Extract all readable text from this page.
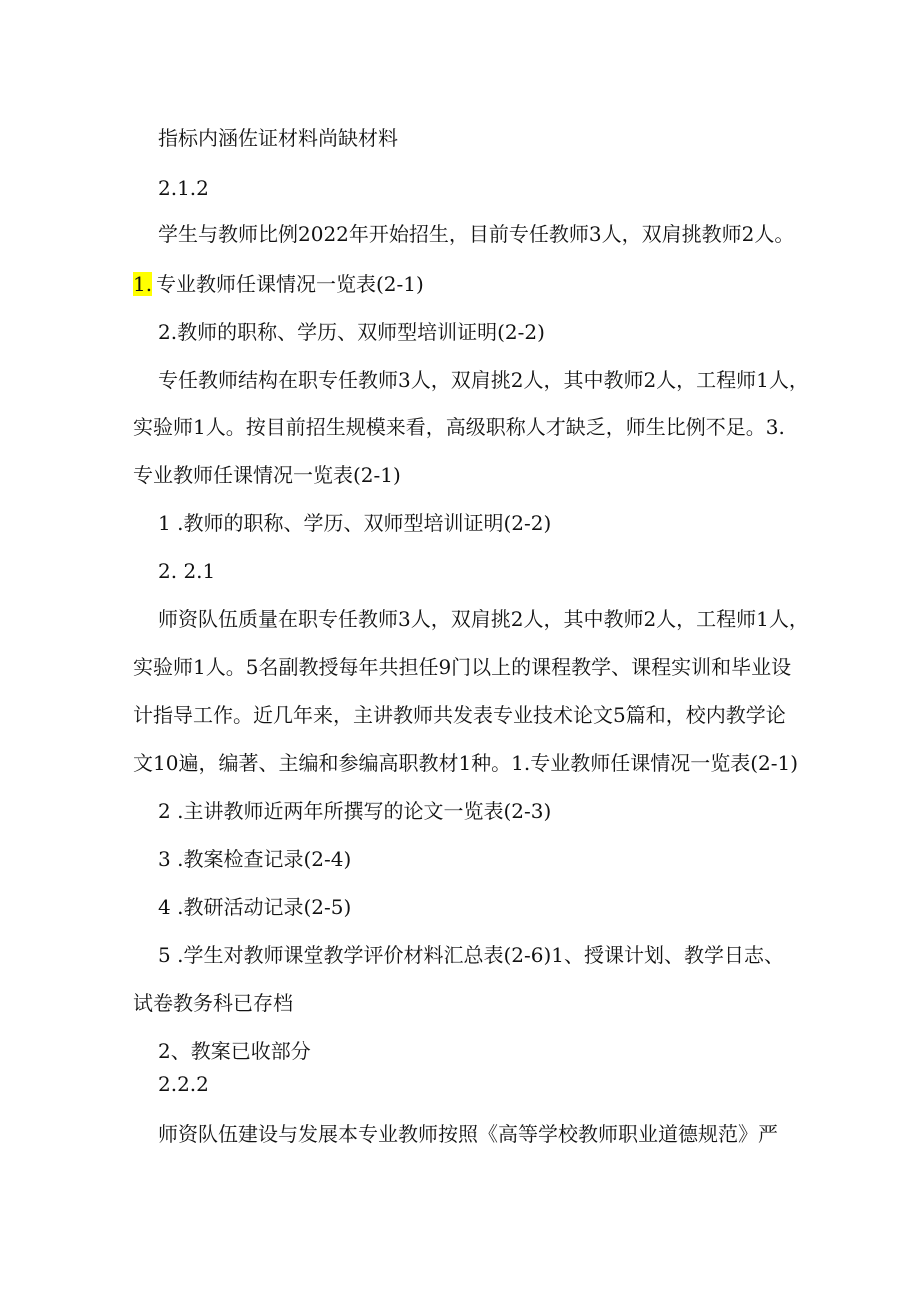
指标内涵佐证材料尚缺材料
2.1.2
学生与教师比例2022年开始招生，目前专任教师3人，双肩挑教师2人。
1. 专业教师任课情况一览表(2-1)
2.教师的职称、学历、双师型培训证明(2-2)
专任教师结构在职专任教师3人，双肩挑2人，其中教师2人，工程师1人，
实验师1人。按目前招生规模来看，高级职称人才缺乏，师生比例不足。3.
专业教师任课情况一览表(2-1)
1 .教师的职称、学历、双师型培训证明(2-2)
2. 2.1
师资队伍质量在职专任教师3人，双肩挑2人，其中教师2人，工程师1人，
实验师1人。5名副教授每年共担任9门以上的课程教学、课程实训和毕业设
计指导工作。近几年来，主讲教师共发表专业技术论文5篇和，校内教学论
文10遍，编著、主编和参编高职教材1种。1.专业教师任课情况一览表(2-1)
2 .主讲教师近两年所撰写的论文一览表(2-3)
3 .教案检查记录(2-4)
4 .教研活动记录(2-5)
5 .学生对教师课堂教学评价材料汇总表(2-6)1、授课计划、教学日志、
试卷教务科已存档
2、教案已收部分
2.2.2
师资队伍建设与发展本专业教师按照《高等学校教师职业道德规范》严
